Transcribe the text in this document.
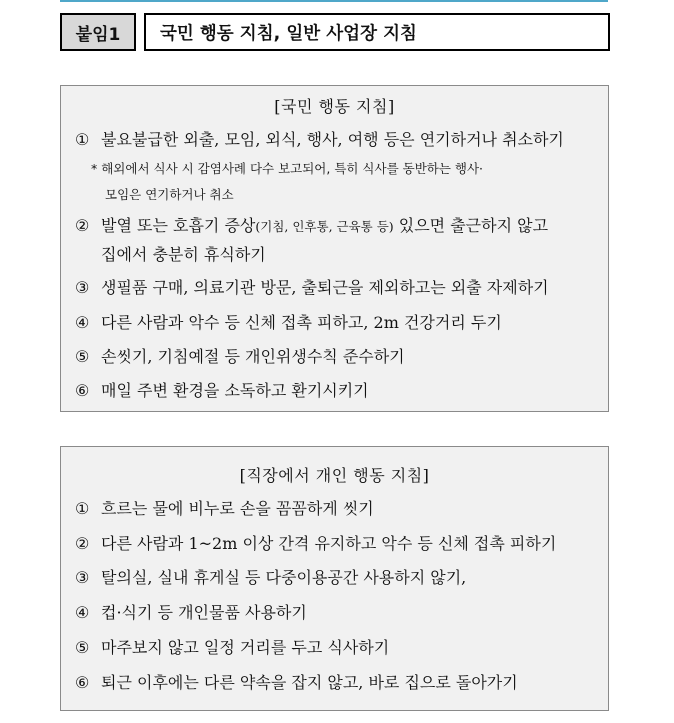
붙임1	국민 행동 지침, 일반 사업장 지침
[국민 행동 지침]
① 불요불급한 외출, 모임, 외식, 행사, 여행 등은 연기하거나 취소하기
* 해외에서 식사 시 감염사례 다수 보고되어, 특히 식사를 동반하는 행사·
모임은 연기하거나 취소
② 발열 또는 호흡기 증상(기침, 인후통, 근육통 등) 있으면 출근하지 않고
집에서 충분히 휴식하기
③ 생필품 구매, 의료기관 방문, 출퇴근을 제외하고는 외출 자제하기
④ 다른 사람과 악수 등 신체 접촉 피하고, 2m 건강거리 두기
⑤ 손씻기, 기침예절 등 개인위생수칙 준수하기
⑥ 매일 주변 환경을 소독하고 환기시키기
[직장에서 개인 행동 지침]
① 흐르는 물에 비누로 손을 꼼꼼하게 씻기
② 다른 사람과 1~2m 이상 간격 유지하고 악수 등 신체 접촉 피하기
③ 탈의실, 실내 휴게실 등 다중이용공간 사용하지 않기,
④ 컵·식기 등 개인물품 사용하기
⑤ 마주보지 않고 일정 거리를 두고 식사하기
⑥ 퇴근 이후에는 다른 약속을 잡지 않고, 바로 집으로 돌아가기
